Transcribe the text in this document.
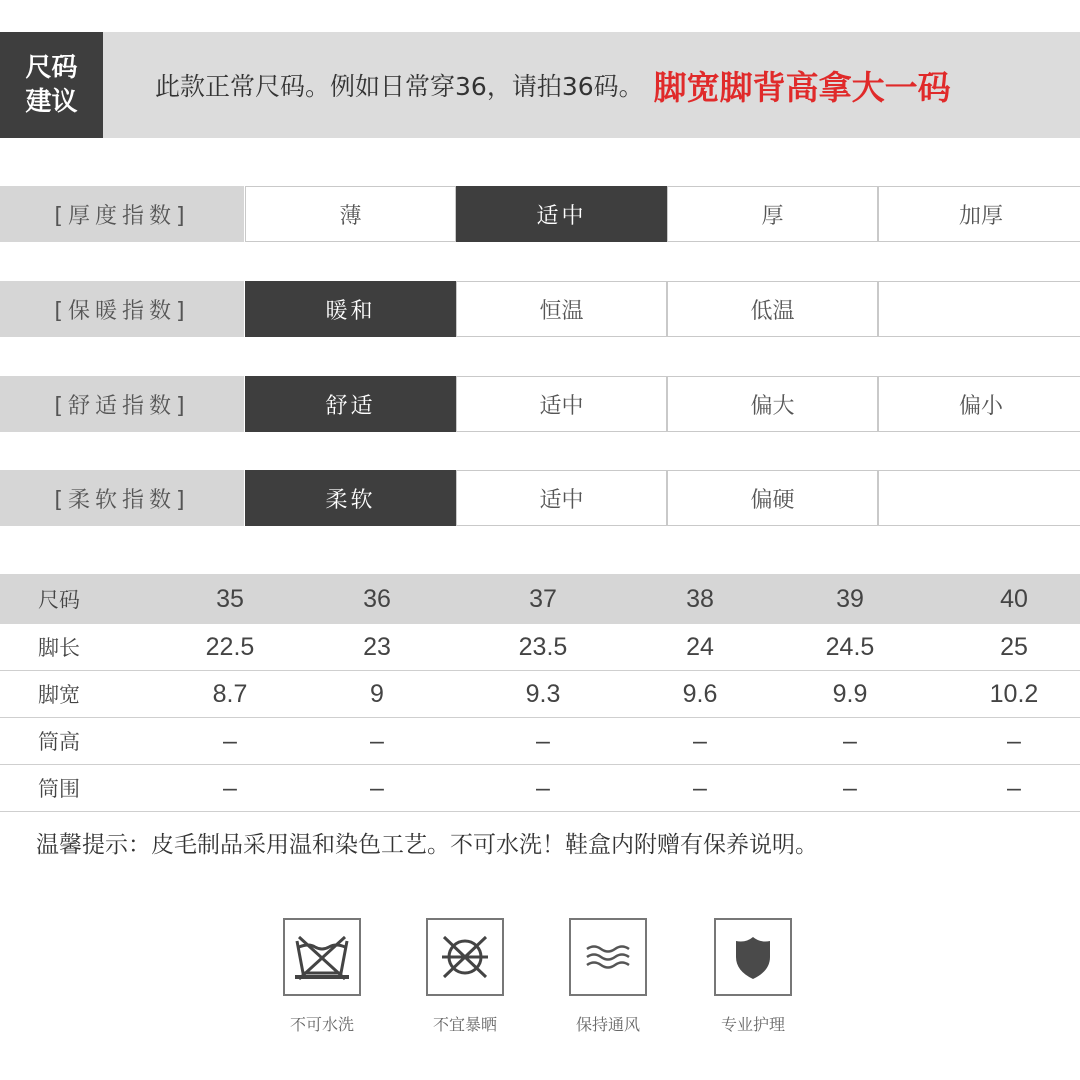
尺码
建议
此款正常尺码。例如日常穿36，请拍36码。 脚宽脚背高拿大一码
[厚度指数]	薄	适中	厚	加厚
[保暖指数]	暖和	恒温	低温
[舒适指数]	舒适	适中	偏大	偏小
[柔软指数]	柔软	适中	偏硬
尺码	35	36	37	38	39	40
脚长	22.5	23	23.5	24	24.5	25
脚宽	8.7	9	9.3	9.6	9.9	10.2
筒高	–	–	–	–	–	–
筒围	–	–	–	–	–	–
温馨提示：皮毛制品采用温和染色工艺。不可水洗！鞋盒内附赠有保养说明。
不可水洗	不宜暴晒	保持通风	专业护理
